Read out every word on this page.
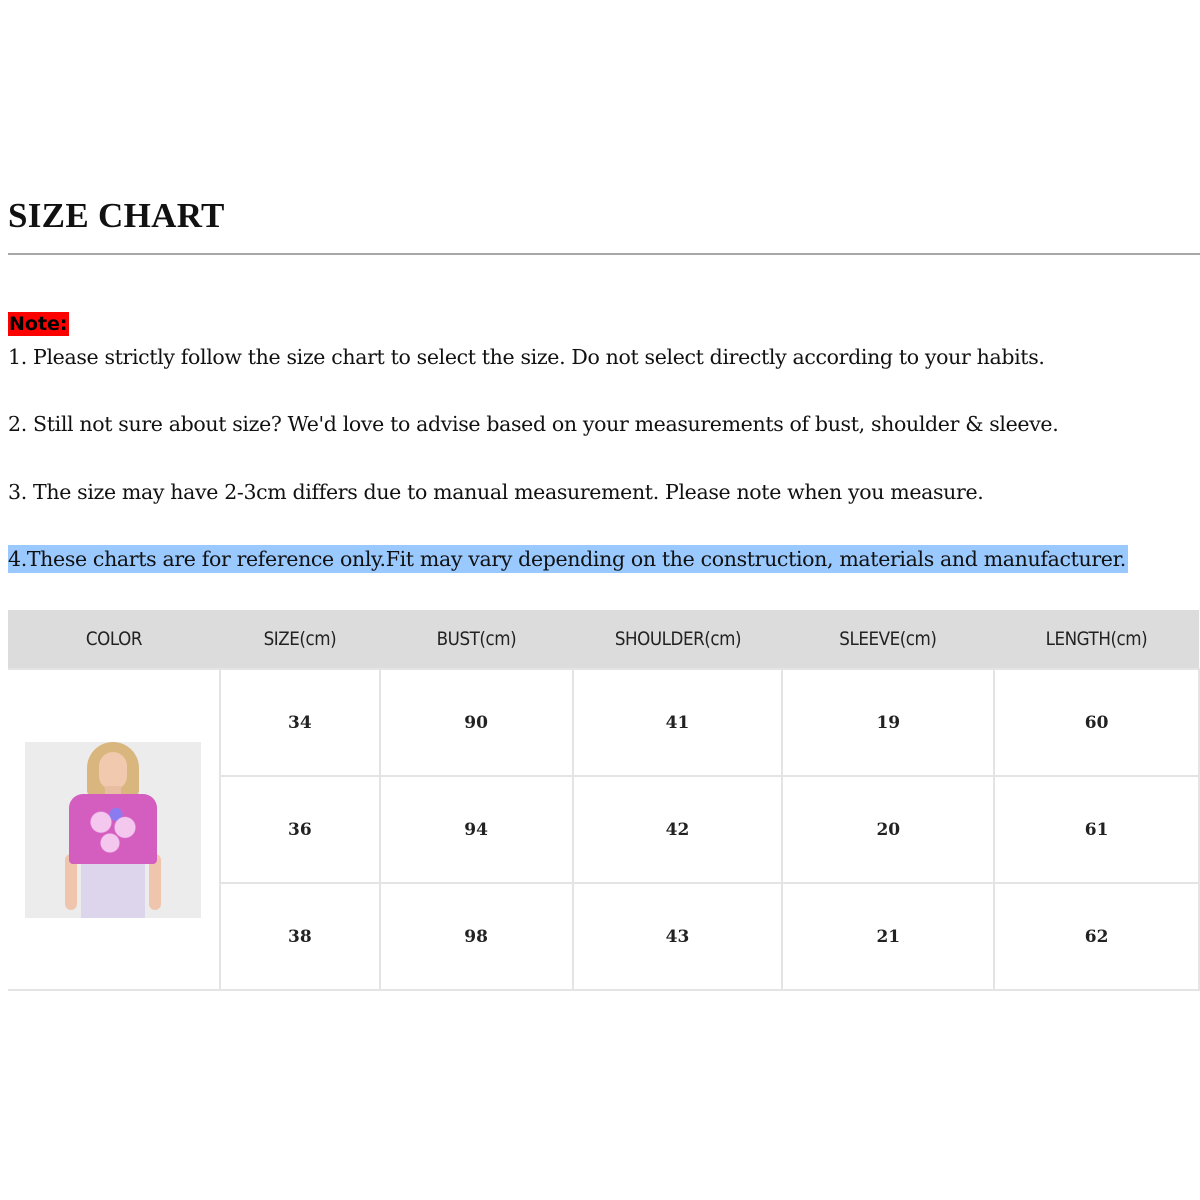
SIZE CHART
Note:
1. Please strictly follow the size chart to select the size. Do not select directly according to your habits.
2. Still not sure about size? We'd love to advise based on your measurements of bust, shoulder & sleeve.
3. The size may have 2-3cm differs due to manual measurement. Please note when you measure.
4.These charts are for reference only.Fit may vary depending on the construction, materials and manufacturer.
COLOR	SIZE(cm)	BUST(cm)	SHOULDER(cm)	SLEEVE(cm)	LENGTH(cm)

	34	90	41	19	60
	36	94	42	20	61
	38	98	43	21	62
